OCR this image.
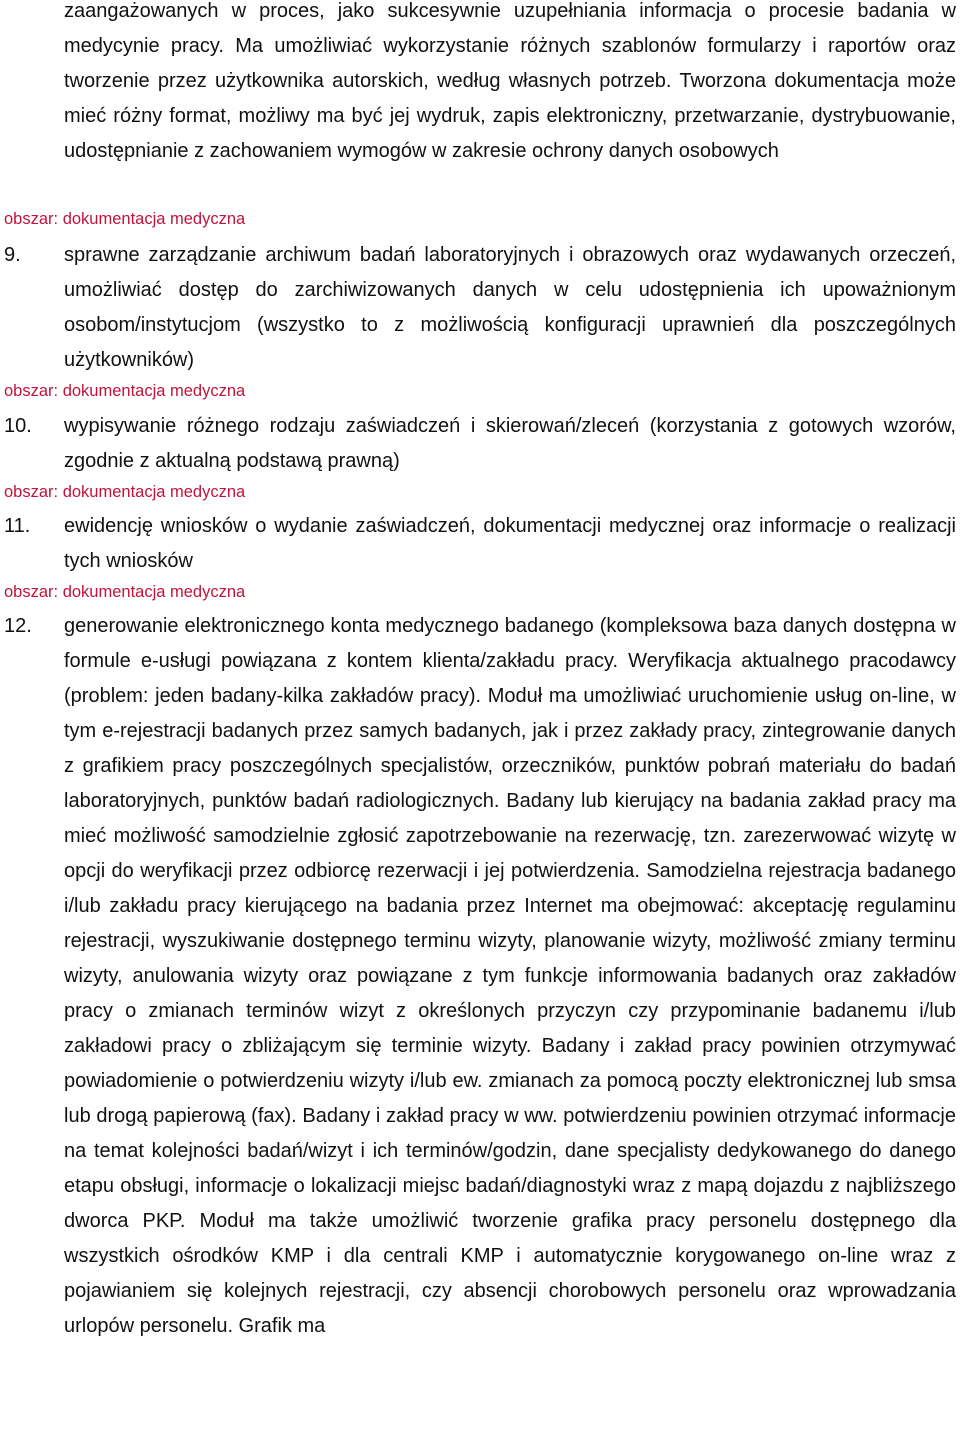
zaangażowanych w proces, jako sukcesywnie uzupełniania informacja o procesie badania w medycynie pracy. Ma umożliwiać wykorzystanie różnych szablonów formularzy i raportów oraz tworzenie przez użytkownika autorskich, według własnych potrzeb. Tworzona dokumentacja może mieć różny format, możliwy ma być jej wydruk, zapis elektroniczny, przetwarzanie, dystrybuowanie, udostępnianie z zachowaniem wymogów w zakresie ochrony danych osobowych
obszar: dokumentacja medyczna
9. sprawne zarządzanie archiwum badań laboratoryjnych i obrazowych oraz wydawanych orzeczeń, umożliwiać dostęp do zarchiwizowanych danych w celu udostępnienia ich upoważnionym osobom/instytucjom (wszystko to z możliwością konfiguracji uprawnień dla poszczególnych użytkowników)
obszar: dokumentacja medyczna
10. wypisywanie różnego rodzaju zaświadczeń i skierowań/zleceń (korzystania z gotowych wzorów, zgodnie z aktualną podstawą prawną)
obszar: dokumentacja medyczna
11. ewidencję wniosków o wydanie zaświadczeń, dokumentacji medycznej oraz informacje o realizacji tych wniosków
obszar: dokumentacja medyczna
12. generowanie elektronicznego konta medycznego badanego (kompleksowa baza danych dostępna w formule e-usługi powiązana z kontem klienta/zakładu pracy. Weryfikacja aktualnego pracodawcy (problem: jeden badany-kilka zakładów pracy). Moduł ma umożliwiać uruchomienie usług on-line, w tym e-rejestracji badanych przez samych badanych, jak i przez zakłady pracy, zintegrowanie danych z grafikiem pracy poszczególnych specjalistów, orzeczników, punktów pobrań materiału do badań laboratoryjnych, punktów badań radiologicznych. Badany lub kierujący na badania zakład pracy ma mieć możliwość samodzielnie zgłosić zapotrzebowanie na rezerwację, tzn. zarezerwować wizytę w opcji do weryfikacji przez odbiorcę rezerwacji i jej potwierdzenia. Samodzielna rejestracja badanego i/lub zakładu pracy kierującego na badania przez Internet ma obejmować: akceptację regulaminu rejestracji, wyszukiwanie dostępnego terminu wizyty, planowanie wizyty, możliwość zmiany terminu wizyty, anulowania wizyty oraz powiązane z tym funkcje informowania badanych oraz zakładów pracy o zmianach terminów wizyt z określonych przyczyn czy przypominanie badanemu i/lub zakładowi pracy o zbliżającym się terminie wizyty. Badany i zakład pracy powinien otrzymywać powiadomienie o potwierdzeniu wizyty i/lub ew. zmianach za pomocą poczty elektronicznej lub smsa lub drogą papierową (fax). Badany i zakład pracy w ww. potwierdzeniu powinien otrzymać informacje na temat kolejności badań/wizyt i ich terminów/godzin, dane specjalisty dedykowanego do danego etapu obsługi, informacje o lokalizacji miejsc badań/diagnostyki wraz z mapą dojazdu z najbliższego dworca PKP. Moduł ma także umożliwić tworzenie grafika pracy personelu dostępnego dla wszystkich ośrodków KMP i dla centrali KMP i automatycznie korygowanego on-line wraz z pojawianiem się kolejnych rejestracji, czy absencji chorobowych personelu oraz wprowadzania urlopów personelu. Grafik ma
